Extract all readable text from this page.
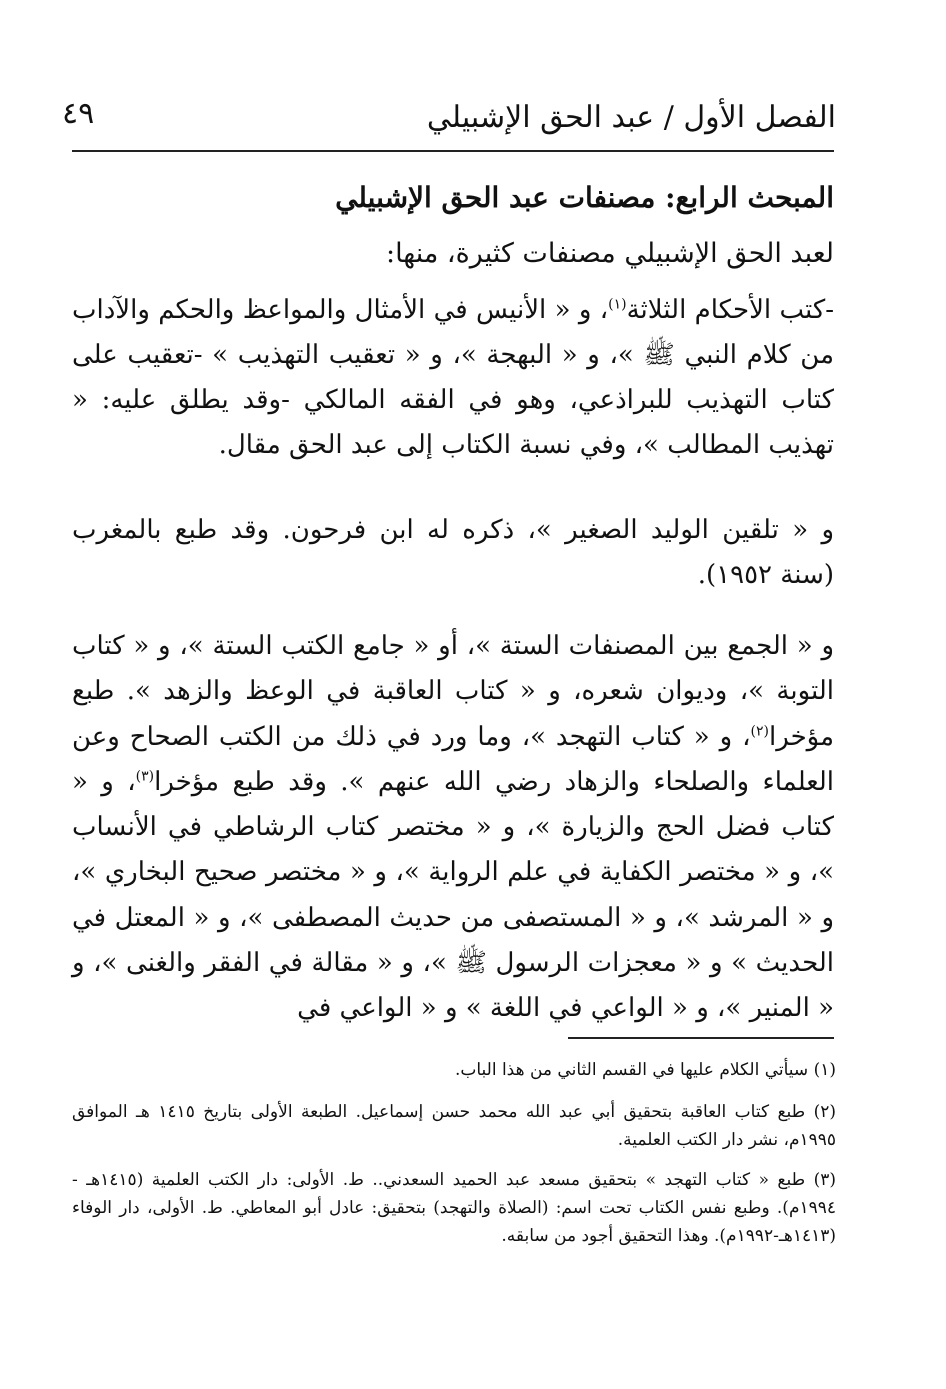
الفصل الأول / عبد الحق الإشبيلي
٤٩
المبحث الرابع: مصنفات عبد الحق الإشبيلي
لعبد الحق الإشبيلي مصنفات كثيرة، منها:
-كتب الأحكام الثلاثة$^{(١)}$، و « الأنيس في الأمثال والمواعظ والحكم والآداب من كلام النبي ﷺ »، و « البهجة »، و « تعقيب التهذيب » -تعقيب على كتاب التهذيب للبراذعي، وهو في الفقه المالكي -وقد يطلق عليه: « تهذيب المطالب »، وفي نسبة الكتاب إلى عبد الحق مقال.
و « تلقين الوليد الصغير »، ذكره له ابن فرحون. وقد طبع بالمغرب (سنة ١٩٥٢).
و « الجمع بين المصنفات الستة »، أو « جامع الكتب الستة »، و « كتاب التوبة »، وديوان شعره، و « كتاب العاقبة في الوعظ والزهد ». طبع مؤخرا$^{(٢)}$، و « كتاب التهجد »، وما ورد في ذلك من الكتب الصحاح وعن العلماء والصلحاء والزهاد رضي الله عنهم ». وقد طبع مؤخرا$^{(٣)}$، و « كتاب فضل الحج والزيارة »، و « مختصر كتاب الرشاطي في الأنساب »، و « مختصر الكفاية في علم الرواية »، و « مختصر صحيح البخاري »، و « المرشد »، و « المستصفى من حديث المصطفى »، و « المعتل في الحديث » و « معجزات الرسول ﷺ »، و « مقالة في الفقر والغنى »، و « المنير »، و « الواعي في اللغة » و « الواعي في
(١) سيأتي الكلام عليها في القسم الثاني من هذا الباب.
(٢) طبع كتاب العاقبة بتحقيق أبي عبد الله محمد حسن إسماعيل. الطبعة الأولى بتاريخ ١٤١٥ هـ الموافق ١٩٩٥م، نشر دار الكتب العلمية.
(٣) طبع « كتاب التهجد » بتحقيق مسعد عبد الحميد السعدني.. ط. الأولى: دار الكتب العلمية (١٤١٥هـ - ١٩٩٤م). وطبع نفس الكتاب تحت اسم: (الصلاة والتهجد) بتحقيق: عادل أبو المعاطي. ط. الأولى، دار الوفاء (١٤١٣هـ-١٩٩٢م). وهذا التحقيق أجود من سابقه.
